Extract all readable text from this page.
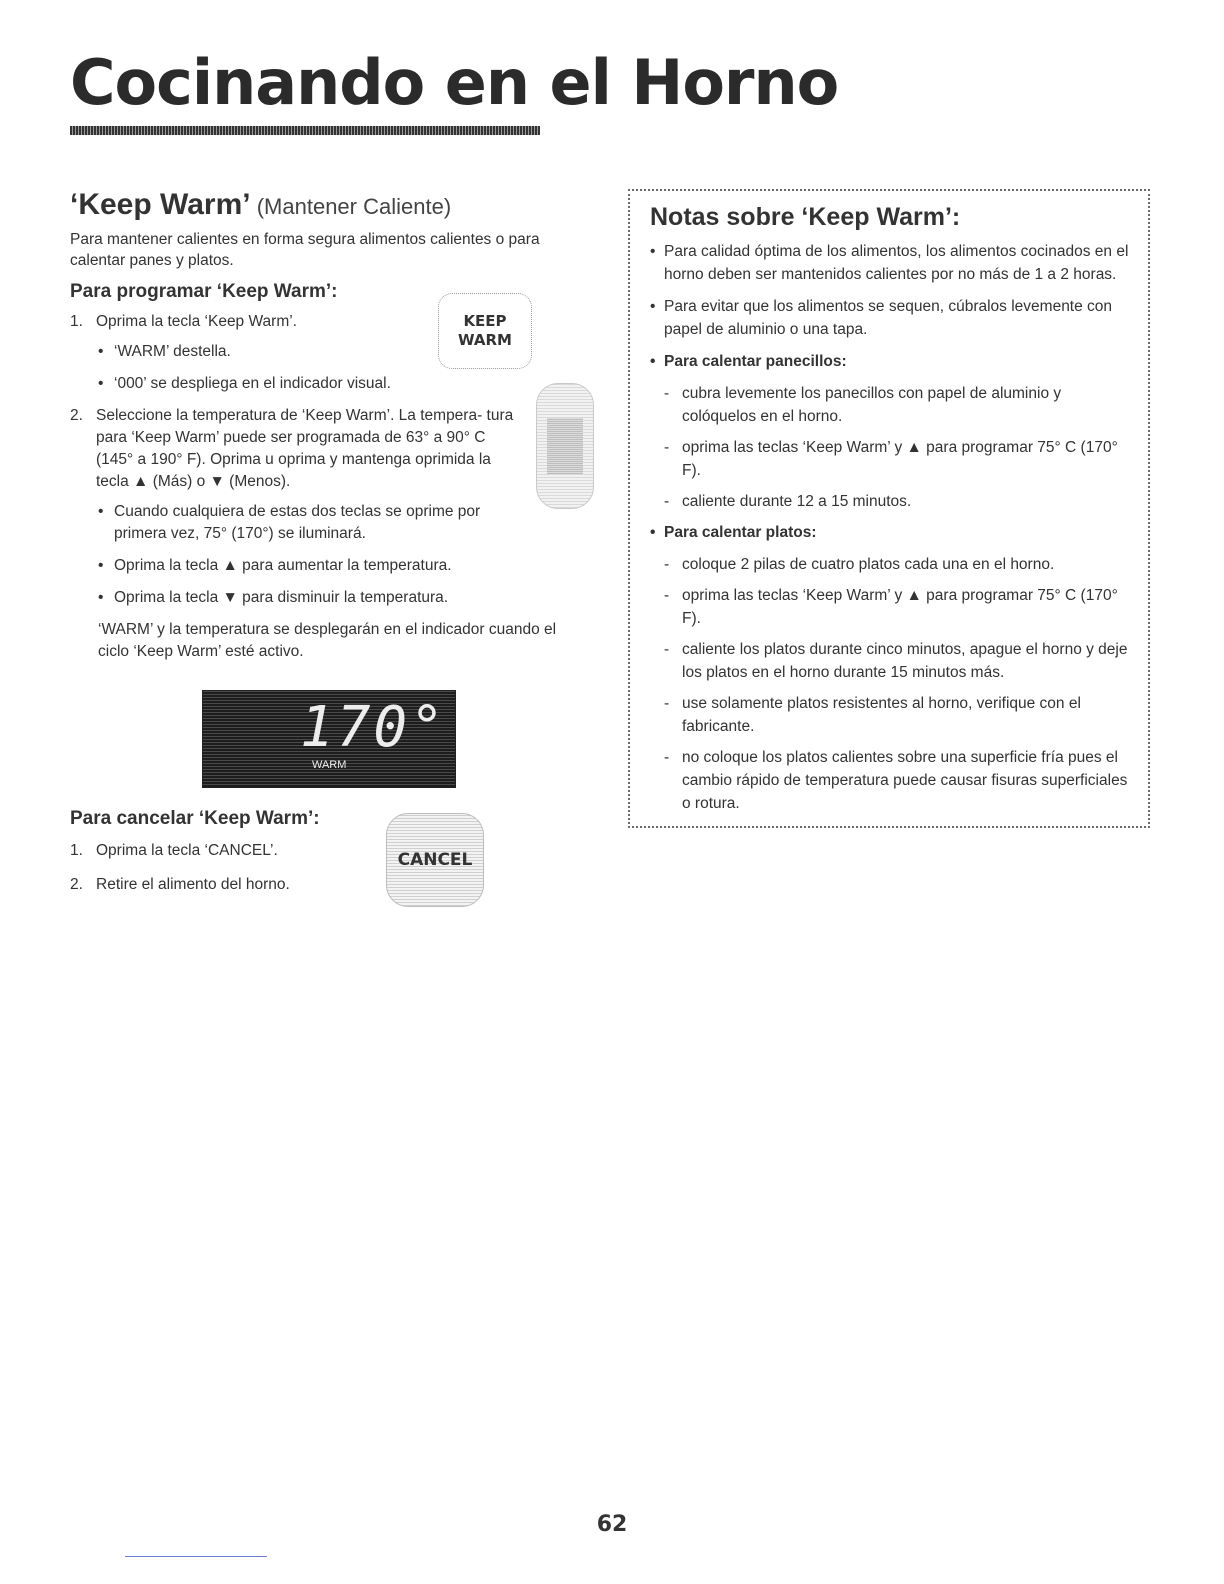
Cocinando en el Horno
‘Keep Warm’ (Mantener Caliente)

Para mantener calientes en forma segura alimentos calientes o para calentar panes y platos.

Para programar ‘Keep Warm’:
1. Oprima la tecla ‘Keep Warm’.
• ‘WARM’ destella.
• ‘000’ se despliega en el indicador visual.
2. Seleccione la temperatura de ‘Keep Warm’. La tempera- tura para ‘Keep Warm’ puede ser programada de 63° a 90° C (145° a 190° F). Oprima u oprima y mantenga oprimida la tecla ▲ (Más) o ▼ (Menos).
• Cuando cualquiera de estas dos teclas se oprime por primera vez, 75° (170°) se iluminará.
• Oprima la tecla ▲ para aumentar la temperatura.
• Oprima la tecla ▼ para disminuir la temperatura.

‘WARM’ y la temperatura se desplegarán en el indicador cuando el ciclo ‘Keep Warm’ esté activo.

KEEP
WARM
170°
WARM
Para cancelar ‘Keep Warm’:
1. Oprima la tecla ‘CANCEL’.
2. Retire el alimento del horno.
CANCEL
Notas sobre ‘Keep Warm’:
• Para calidad óptima de los alimentos, los alimentos cocinados en el horno deben ser mantenidos calientes por no más de 1 a 2 horas.
• Para evitar que los alimentos se sequen, cúbralos levemente con papel de aluminio o una tapa.
• Para calentar panecillos:
- cubra levemente los panecillos con papel de aluminio y colóquelos en el horno.
- oprima las teclas ‘Keep Warm’ y ▲ para programar 75° C (170° F).
- caliente durante 12 a 15 minutos.
• Para calentar platos:
- coloque 2 pilas de cuatro platos cada una en el horno.
- oprima las teclas ‘Keep Warm’ y ▲ para programar 75° C (170° F).
- caliente los platos durante cinco minutos, apague el horno y deje los platos en el horno durante 15 minutos más.
- use solamente platos resistentes al horno, verifique con el fabricante.
- no coloque los platos calientes sobre una superficie fría pues el cambio rápido de temperatura puede causar fisuras superficiales o rotura.
62
